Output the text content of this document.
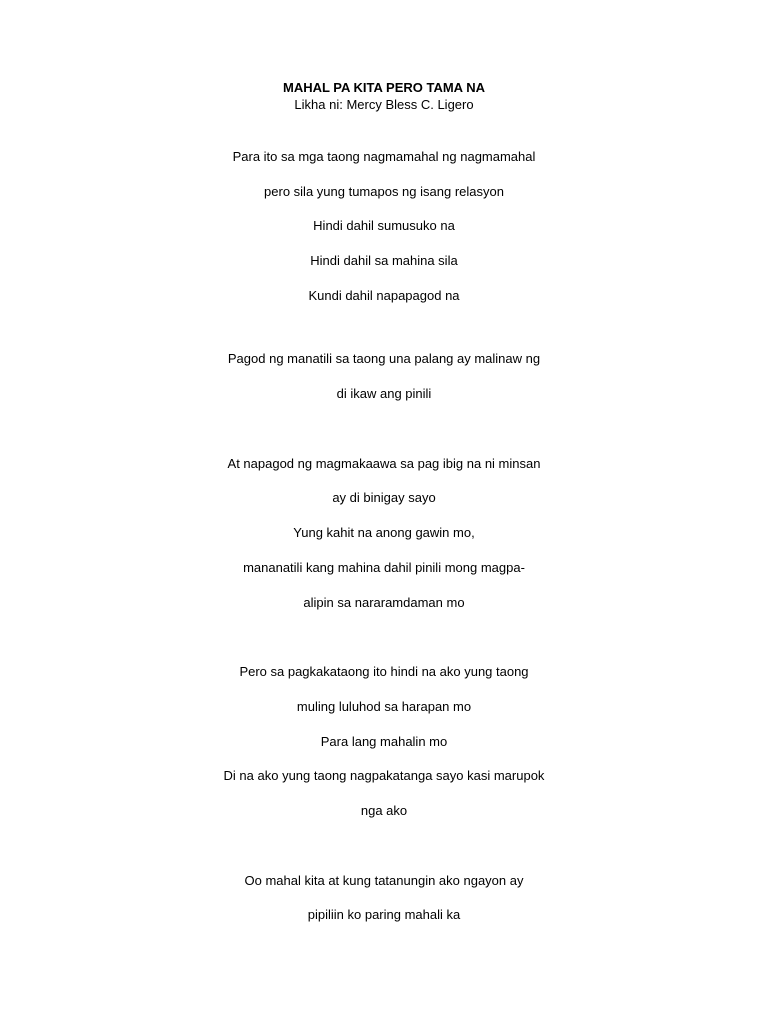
MAHAL PA KITA PERO TAMA NA
Likha ni: Mercy Bless C. Ligero
Para ito sa mga taong nagmamahal ng nagmamahal
pero sila yung tumapos ng isang relasyon
Hindi dahil sumusuko na
Hindi dahil sa mahina sila
Kundi dahil napapagod na
Pagod ng manatili sa taong una palang ay malinaw ng
di ikaw ang pinili
At napagod ng magmakaawa sa pag ibig na ni minsan
ay di binigay sayo
Yung kahit na anong gawin mo,
mananatili kang mahina dahil pinili mong magpa-
alipin sa nararamdaman mo
Pero sa pagkakataong ito hindi na ako yung taong
muling luluhod sa harapan mo
Para lang mahalin mo
Di na ako yung taong nagpakatanga sayo kasi marupok
nga ako
Oo mahal kita at kung tatanungin ako ngayon ay
pipiliin ko paring mahali ka
